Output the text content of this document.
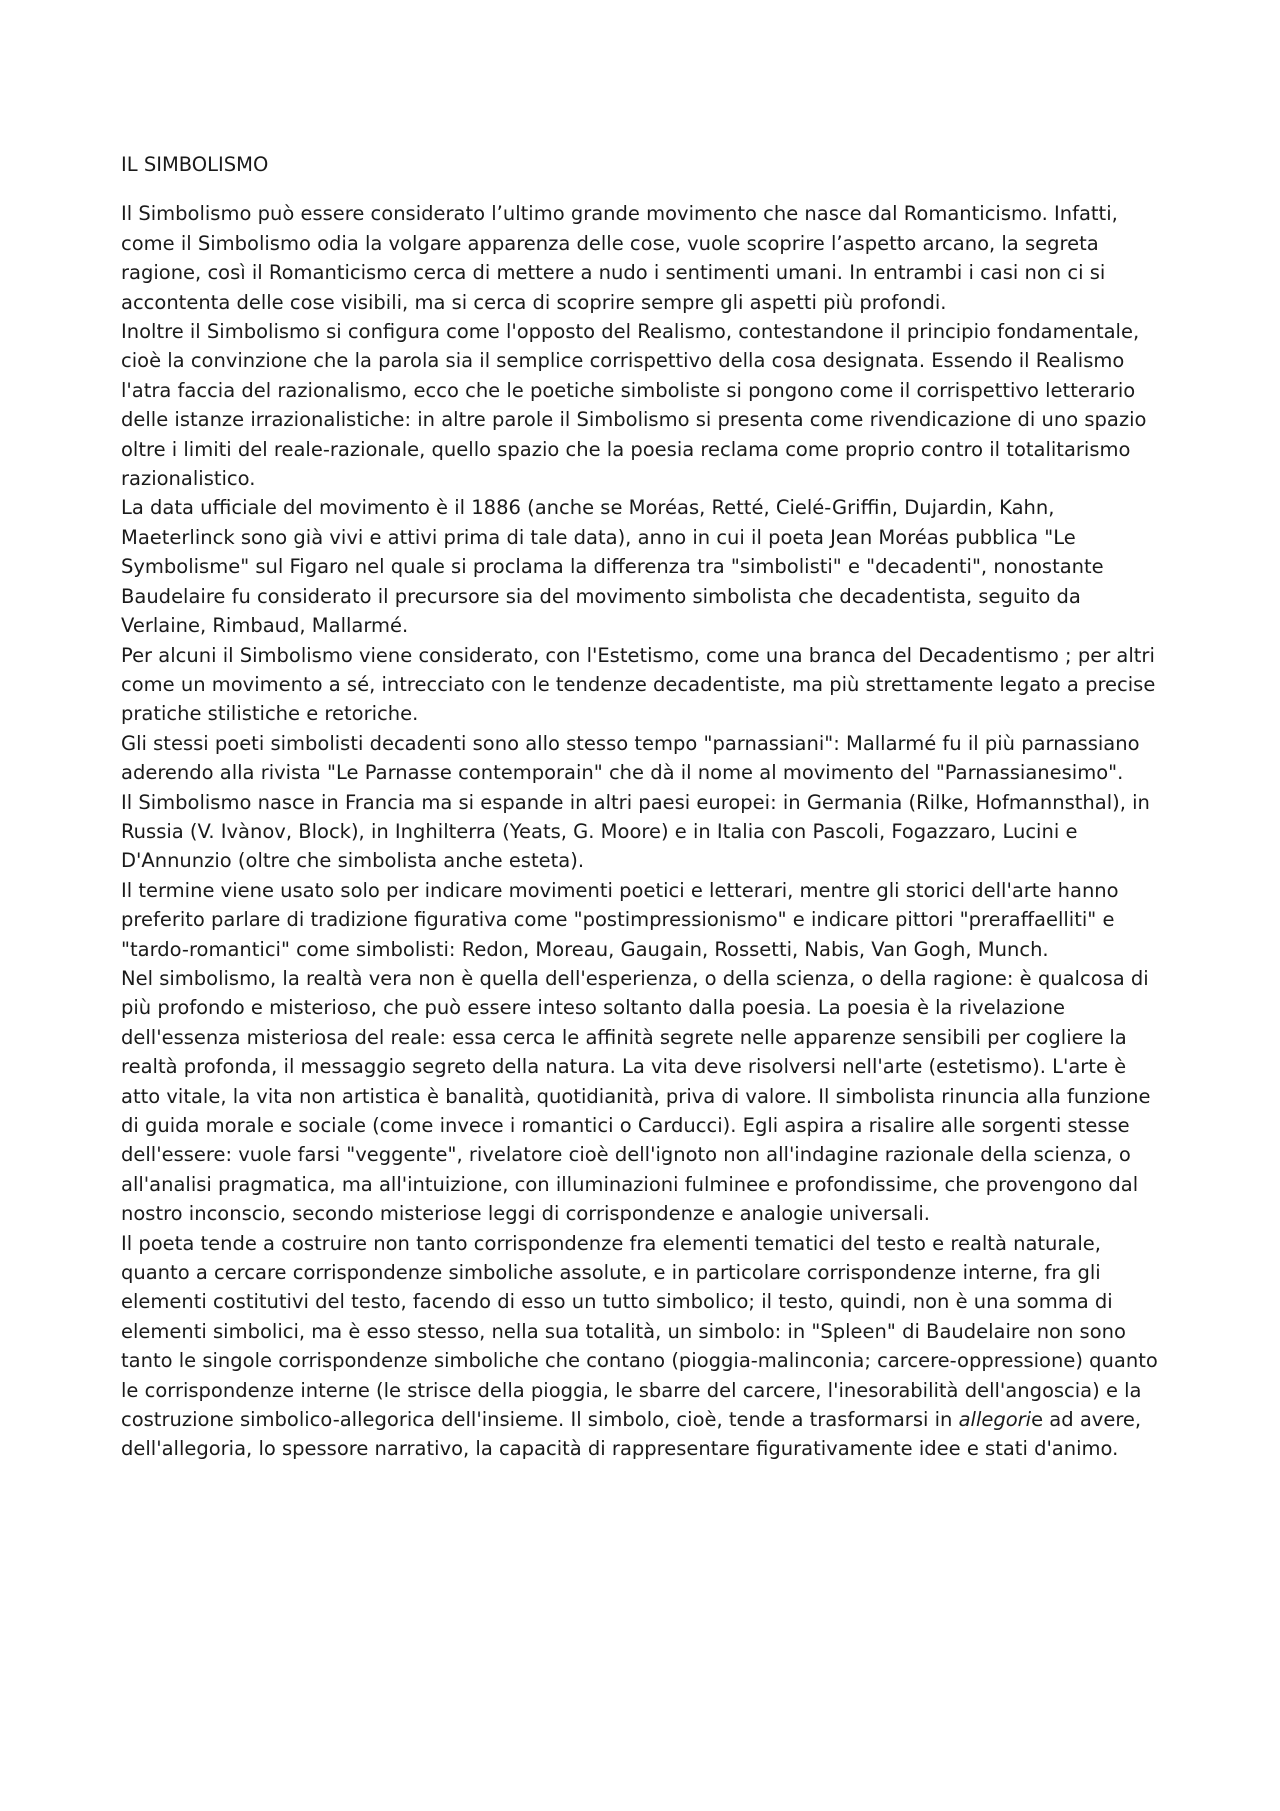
IL SIMBOLISMO

Il Simbolismo può essere considerato l’ultimo grande movimento che nasce dal Romanticismo. Infatti, come il Simbolismo odia la volgare apparenza delle cose, vuole scoprire l’aspetto arcano, la segreta ragione, così il Romanticismo cerca di mettere a nudo i sentimenti umani. In entrambi i casi non ci si accontenta delle cose visibili, ma si cerca di scoprire sempre gli aspetti più profondi.

Inoltre il Simbolismo si configura come l'opposto del Realismo, contestandone il principio fondamentale, cioè la convinzione che la parola sia il semplice corrispettivo della cosa designata. Essendo il Realismo l'atra faccia del razionalismo, ecco che le poetiche simboliste si pongono come il corrispettivo letterario delle istanze irrazionalistiche: in altre parole il Simbolismo si presenta come rivendicazione di uno spazio oltre i limiti del reale-razionale, quello spazio che la poesia reclama come proprio contro il totalitarismo razionalistico.

La data ufficiale del movimento è il 1886 (anche se Moréas, Retté, Cielé-Griffin, Dujardin, Kahn, Maeterlinck sono già vivi e attivi prima di tale data), anno in cui il poeta Jean Moréas pubblica "Le Symbolisme" sul Figaro nel quale si proclama la differenza tra "simbolisti" e "decadenti", nonostante Baudelaire fu considerato il precursore sia del movimento simbolista che decadentista, seguito da Verlaine, Rimbaud, Mallarmé.

Per alcuni il Simbolismo viene considerato, con l'Estetismo, come una branca del Decadentismo ; per altri come un movimento a sé, intrecciato con le tendenze decadentiste, ma più strettamente legato a precise pratiche stilistiche e retoriche.

Gli stessi poeti simbolisti decadenti sono allo stesso tempo "parnassiani": Mallarmé fu il più parnassiano aderendo alla rivista "Le Parnasse contemporain" che dà il nome al movimento del "Parnassianesimo".

Il Simbolismo nasce in Francia ma si espande in altri paesi europei: in Germania (Rilke, Hofmannsthal), in Russia (V. Ivànov, Block), in Inghilterra (Yeats, G. Moore) e in Italia con Pascoli, Fogazzaro, Lucini e D'Annunzio (oltre che simbolista anche esteta).

Il termine viene usato solo per indicare movimenti poetici e letterari, mentre gli storici dell'arte hanno preferito parlare di tradizione figurativa come "postimpressionismo" e indicare pittori "preraffaelliti" e "tardo-romantici" come simbolisti: Redon, Moreau, Gaugain, Rossetti, Nabis, Van Gogh, Munch.

Nel simbolismo, la realtà vera non è quella dell'esperienza, o della scienza, o della ragione: è qualcosa di più profondo e misterioso, che può essere inteso soltanto dalla poesia. La poesia è la rivelazione dell'essenza misteriosa del reale: essa cerca le affinità segrete nelle apparenze sensibili per cogliere la realtà profonda, il messaggio segreto della natura. La vita deve risolversi nell'arte (estetismo). L'arte è atto vitale, la vita non artistica è banalità, quotidianità, priva di valore. Il simbolista rinuncia alla funzione di guida morale e sociale (come invece i romantici o Carducci). Egli aspira a risalire alle sorgenti stesse dell'essere: vuole farsi "veggente", rivelatore cioè dell'ignoto non all'indagine razionale della scienza, o all'analisi pragmatica, ma all'intuizione, con illuminazioni fulminee e profondissime, che provengono dal nostro inconscio, secondo misteriose leggi di corrispondenze e analogie universali.

Il poeta tende a costruire non tanto corrispondenze fra elementi tematici del testo e realtà naturale, quanto a cercare corrispondenze simboliche assolute, e in particolare corrispondenze interne, fra gli elementi costitutivi del testo, facendo di esso un tutto simbolico; il testo, quindi, non è una somma di elementi simbolici, ma è esso stesso, nella sua totalità, un simbolo: in "Spleen" di Baudelaire non sono tanto le singole corrispondenze simboliche che contano (pioggia-malinconia; carcere-oppressione) quanto le corrispondenze interne (le strisce della pioggia, le sbarre del carcere, l'inesorabilità dell'angoscia) e la costruzione simbolico-allegorica dell'insieme. Il simbolo, cioè, tende a trasformarsi in allegorie ad avere, dell'allegoria, lo spessore narrativo, la capacità di rappresentare figurativamente idee e stati d'animo.
